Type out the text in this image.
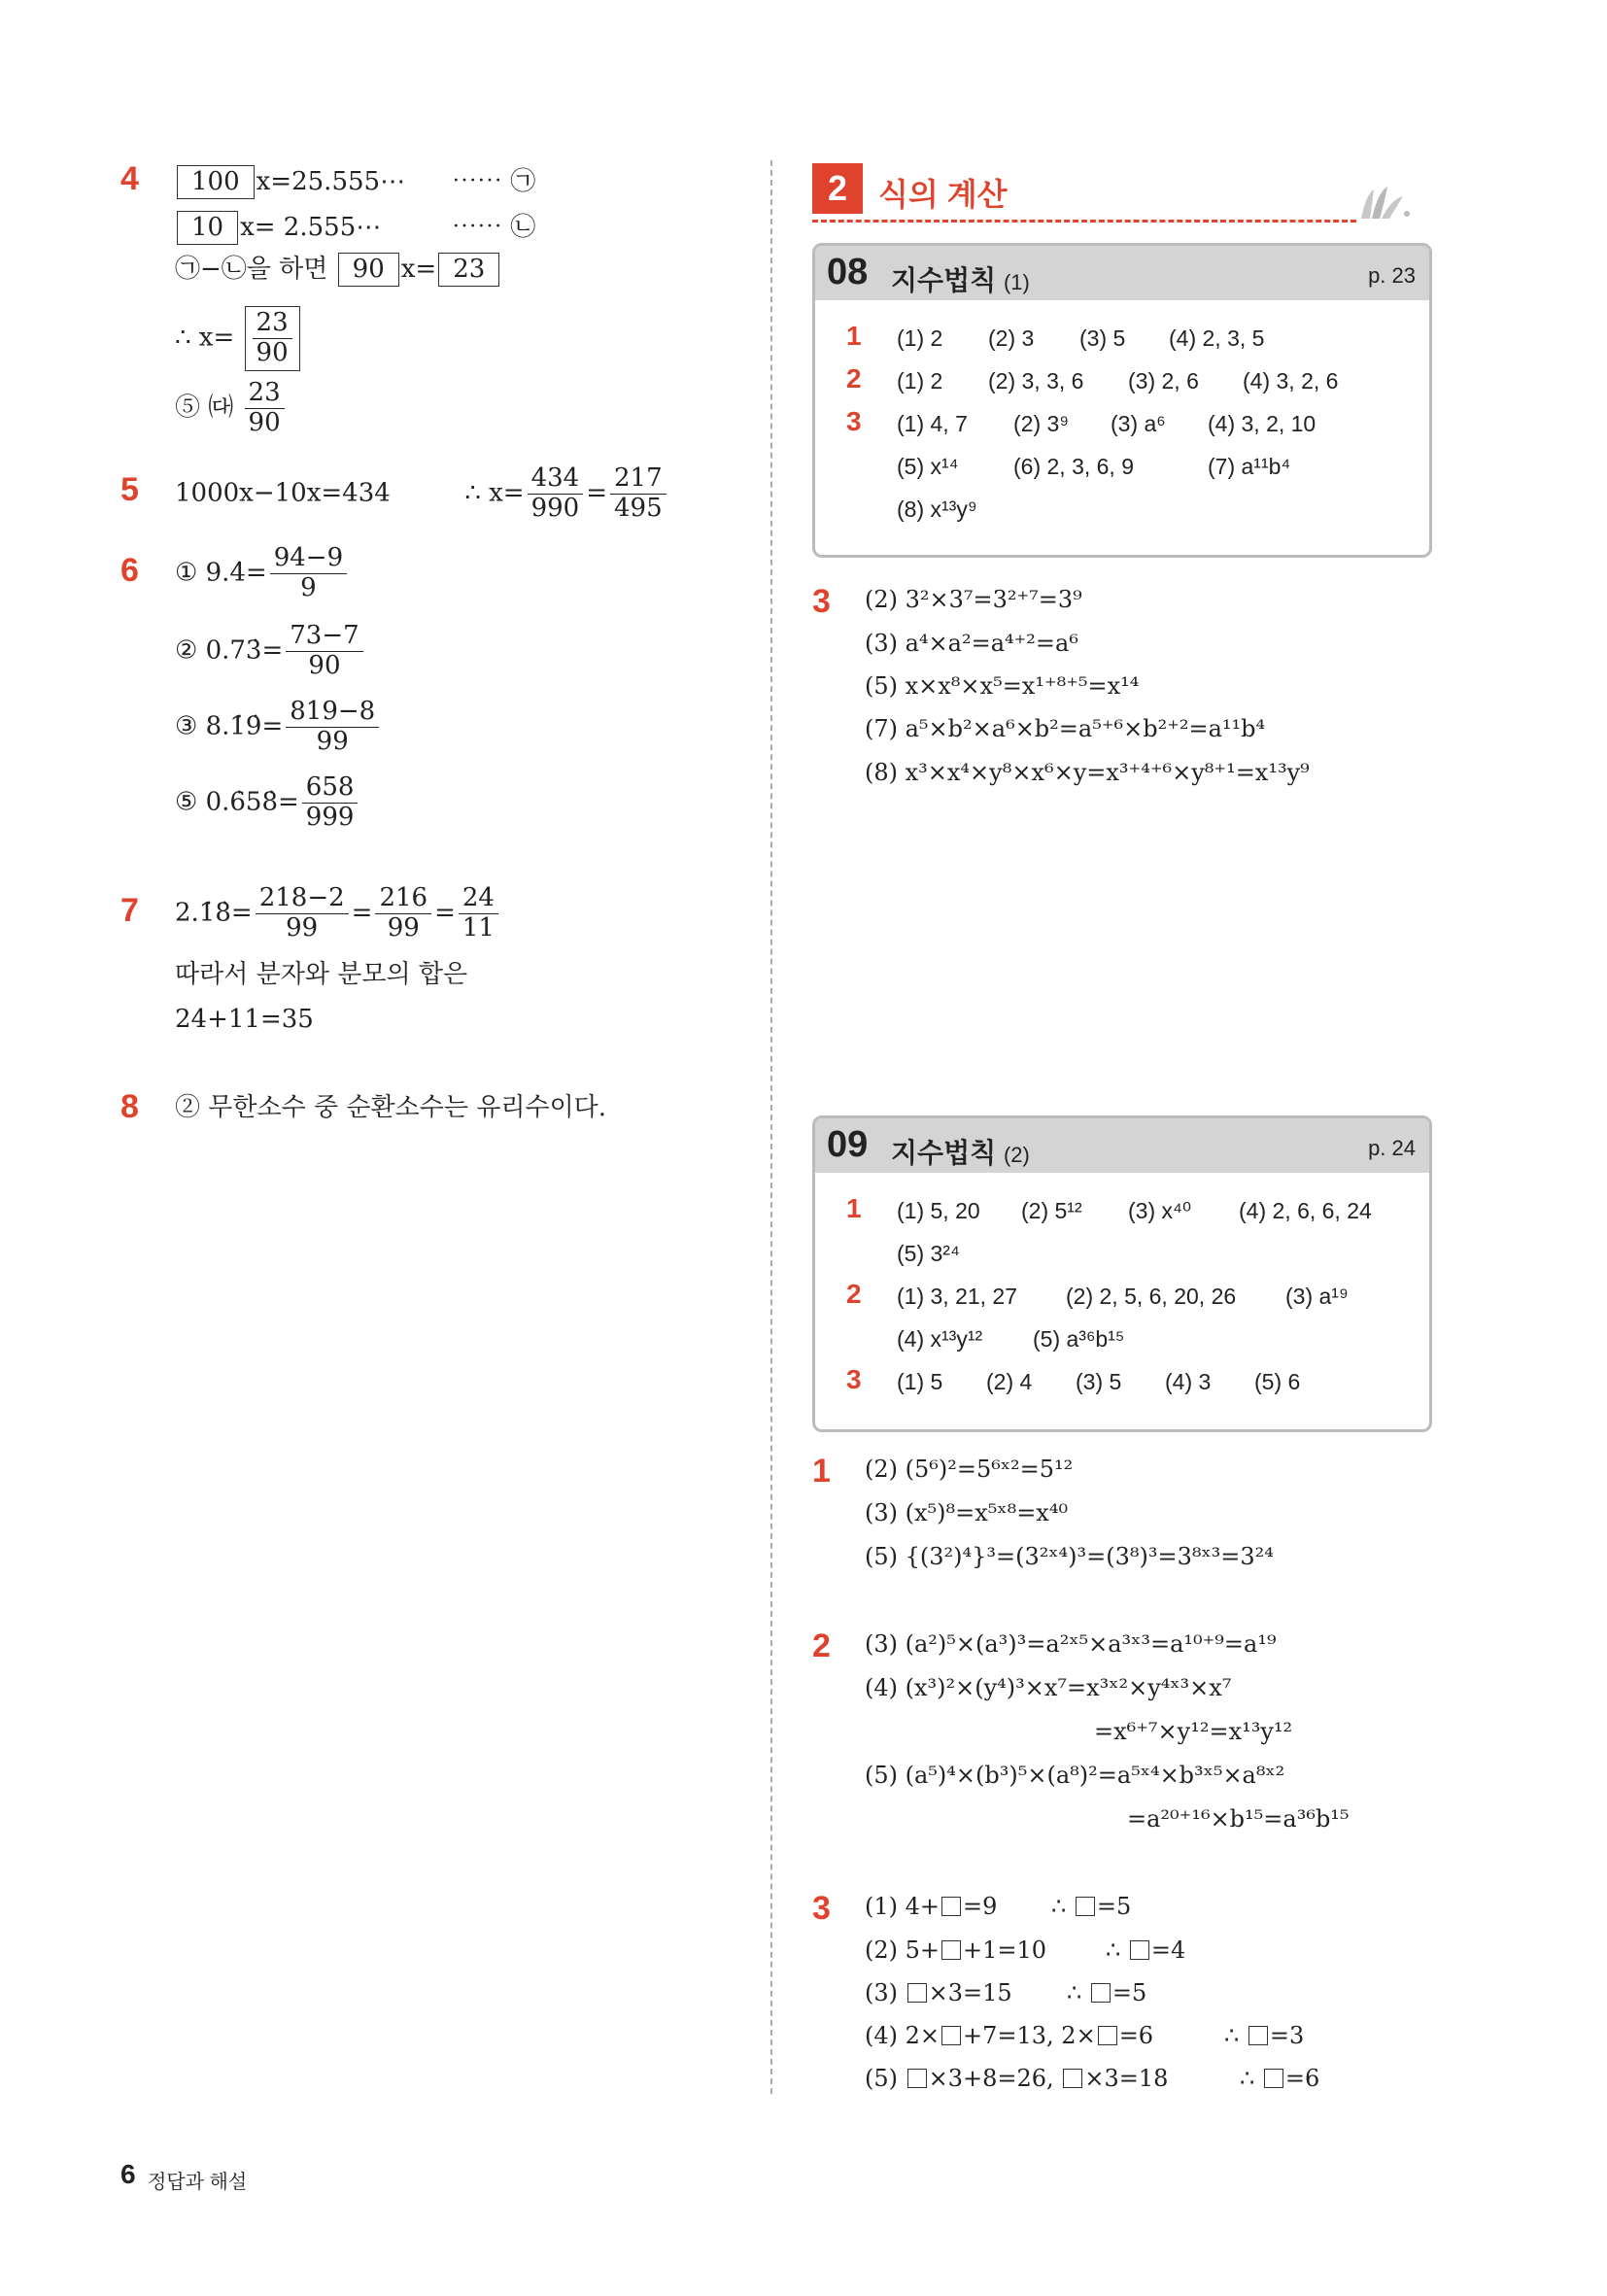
4	100 x=25.555⋯ ⋯⋯ ㉠
10 x= 2.555⋯	⋯⋯ ㉡
㉠−㉡을 하면 90 x= 23
∴ $x= \frac{23}{90}$
⑤ ㈐ $\frac{23}{90}$
5 1000x−10x=434	∴ $x= \frac{434}{990} = \frac{217}{495}$
6 ① 9.4̇= $\frac{94-9}{9}$
② 0.73̇= $\frac{73-7}{90}$
③ 8.1̇9̇= $\frac{819-8}{99}$
⑤ 0.6̇58̇= $\frac{658}{999}$
7 2.1̇8̇= $\frac{218-2}{99} = \frac{216}{99} = \frac{24}{11}$
따라서 분자와 분모의 합은
24+11=35
8 ② 무한소수 중 순환소수는 유리수이다.
2 식의 계산
08 지수법칙 (1)	p. 23
1 (1) 2 (2) 3 (3) 5 (4) 2, 3, 5
2 (1) 2 (2) 3, 3, 6 (3) 2, 6 (4) 3, 2, 6
3 (1) 4, 7 (2) 3⁹ (3) a⁶ (4) 3, 2, 10
(5) x¹⁴ (6) 2, 3, 6, 9	(7) a¹¹b⁴
(8) x¹³y⁹
3 (2) 3²×3⁷=3²⁺⁷=3⁹
(3) a⁴×a²=a⁴⁺²=a⁶
(5) x×x⁸×x⁵=x¹⁺⁸⁺⁵=x¹⁴
(7) a⁵×b²×a⁶×b²=a⁵⁺⁶×b²⁺²=a¹¹b⁴
(8) x³×x⁴×y⁸×x⁶×y=x³⁺⁴⁺⁶×y⁸⁺¹=x¹³y⁹
09 지수법칙 (2)	p. 24
1 (1) 5, 20 (2) 5¹² (3) x⁴⁰ (4) 2, 6, 6, 24
(5) 3²⁴
2 (1) 3, 21, 27 (2) 2, 5, 6, 20, 26 (3) a¹⁹
(4) x¹³y¹² (5) a³⁶b¹⁵
3 (1) 5 (2) 4 (3) 5 (4) 3 (5) 6
1 (2) (5⁶)²=5⁶ˣ²=5¹²
(3) (x⁵)⁸=x⁵ˣ⁸=x⁴⁰
(5) {(3²)⁴}³=(3²ˣ⁴)³=(3⁸)³=3⁸ˣ³=3²⁴
2 (3) (a²)⁵×(a³)³=a²ˣ⁵×a³ˣ³=a¹⁰⁺⁹=a¹⁹
(4) (x³)²×(y⁴)³×x⁷=x³ˣ²×y⁴ˣ³×x⁷
=x⁶⁺⁷×y¹²=x¹³y¹²
(5) (a⁵)⁴×(b³)⁵×(a⁸)²=a⁵ˣ⁴×b³ˣ⁵×a⁸ˣ²
=a²⁰⁺¹⁶×b¹⁵=a³⁶b¹⁵
3 (1) 4+ =9 ∴ =5
(2) 5+ +1=10	∴ =4
(3) ×3=15 ∴ =5
(4) 2× +7=13, 2× =6	∴ =3
(5) ×3+8=26, ×3=18	∴ =6
6 정답과 해설
